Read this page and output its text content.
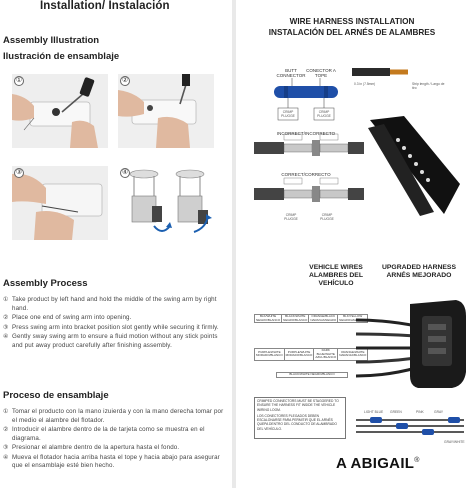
Installation/ Instalación
Assembly Illustration
Ilustración de ensamblaje
①	②
③	④
Assembly Process
① Take product by left hand and hold the middle of the swing arm by right hand.
② Place one end of swing arm into opening.
③ Press swing arm into bracket position slot gently while securing it firmly.
④ Gently sway swing arm to ensure a fluid motion without any stick points and put away product carefully after finishing assembly.
Proceso de ensamblaje
① Tomar el producto con la mano izuierda y con la mano derecha tomar por el medio el alambre del flotador.
② Introducir el alambre dentro de la de tarjeta como se muestra en el diagrama.
③ Presionar el alambre dentro de la apertura hasta el fondo.
④ Mueva el flotador hacia arriba hasta el tope y hacia abajo para asegurar que el ensamblaje esté bien hecho.
WIRE HARNESS INSTALLATION
INSTALACIÓN DEL ARNÉS DE ALAMBRES
BUTT CONNECTOR
CONECTOR A TOPE
CRIMP PLUGGE
CRIMP PLUGGE
INCORRECT/INCORRECTO
CORRECT/CORRECTO
CRIMP PLUGGE
CRIMP PLUGGE
0.3 in (7.5mm)	Strip length / Largo de tiro
VEHICLE WIRES
ALAMBRES DEL VEHÍCULO
UPGRADED HARNESS
ARNÉS MEJORADO
BLK/WHITE NEGRO/BLANCO	BLACK/WHITE NEGRO/BLANCO	ORANGE/BLACK NARANJA/NEGRO	BLK/YELLOW NEGRO/AMARILLO
PURPLE/WHITE MORADO/BLANCO	PURPLE/WHITE MORADO/BLANCO	DARK BLUE/WHITE AZUL/BLANCO	ORANGE/WHITE NARANJA/BLANCO
BLACK/WHITE NEGRO/BLANCO
CRIMPED CONNECTORS MUST BE STAGGERED TO ENSURE THE HARNESS FIT INSIDE THE VEHICLE WIRING LOOM.
LOS CONECTORES PLEGADOS DEBEN ESCALONARSE PARA PERMITIR QUE EL ARNÉS QUEPA DENTRO DEL CONDUCTO DE ALAMBRADO DEL VEHÍCULO.
LIGHT BLUE GREEN	PINK	GRAY
GRAY/WHITE
A ABIGAIL®
